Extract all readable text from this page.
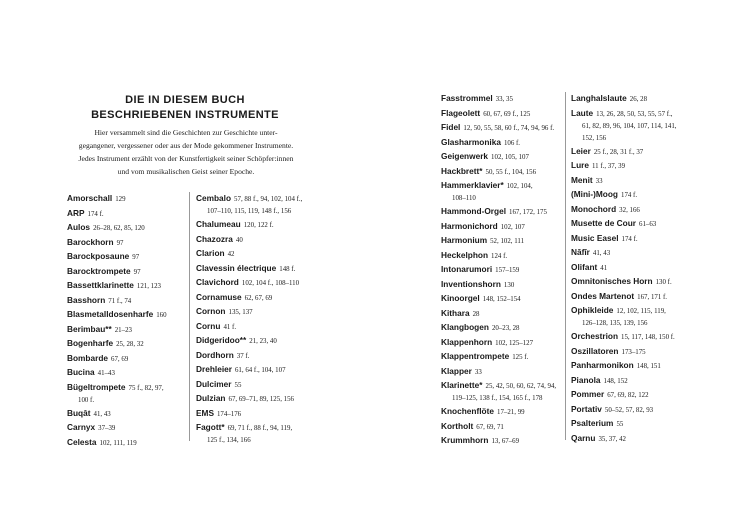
DIE IN DIESEM BUCH
BESCHRIEBENEN INSTRUMENTE
Hier versammelt sind die Geschichten zur Geschichte unter-
gegangener, vergessener oder aus der Mode gekommener Instrumente.
Jedes Instrument erzählt von der Kunstfertigkeit seiner Schöpfer:innen
und vom musikalischen Geist seiner Epoche.
Amorschall 129
ARP 174 f.
Aulos 26–28, 62, 85, 120
Barockhorn 97
Barockposaune 97
Barocktrompete 97
Bassettklarinette 121, 123
Basshorn 71 f., 74
Blasmetalldosenharfe 160
Berimbau** 21–23
Bogenharfe 25, 28, 32
Bombarde 67, 69
Bucina 41–43
Bügeltrompete 75 f., 82, 97,
100 f.
Buqât 41, 43
Carnyx 37–39
Celesta 102, 111, 119
Cembalo 57, 88 f., 94, 102, 104 f.,
107–110, 115, 119, 148 f., 156
Chalumeau 120, 122 f.
Chazozra 40
Clarion 42
Clavessin électrique 148 f.
Clavichord 102, 104 f., 108–110
Cornamuse 62, 67, 69
Cornon 135, 137
Cornu 41 f.
Didgeridoo** 21, 23, 40
Dordhorn 37 f.
Drehleier 61, 64 f., 104, 107
Dulcimer 55
Dulzian 67, 69–71, 89, 125, 156
EMS 174–176
Fagott* 69, 71 f., 88 f., 94, 119,
125 f., 134, 166
Fasstrommel 33, 35
Flageolett 60, 67, 69 f., 125
Fidel 12, 50, 55, 58, 60 f., 74, 94, 96 f.
Glasharmonika 106 f.
Geigenwerk 102, 105, 107
Hackbrett* 50, 55 f., 104, 156
Hammerklavier* 102, 104,
108–110
Hammond-Orgel 167, 172, 175
Harmonichord 102, 107
Harmonium 52, 102, 111
Heckelphon 124 f.
Intonarumori 157–159
Inventionshorn 130
Kinoorgel 148, 152–154
Kithara 28
Klangbogen 20–23, 28
Klappenhorn 102, 125–127
Klappentrompete 125 f.
Klapper 33
Klarinette* 25, 42, 50, 60, 62, 74, 94,
119–125, 138 f., 154, 165 f., 178
Knochenflöte 17–21, 99
Kortholt 67, 69, 71
Krummhorn 13, 67–69
Langhalslaute 26, 28
Laute 13, 26, 28, 50, 53, 55, 57 f.,
61, 82, 89, 96, 104, 107, 114, 141,
152, 156
Leier 25 f., 28, 31 f., 37
Lure 11 f., 37, 39
Menit 33
(Mini-)Moog 174 f.
Monochord 32, 166
Musette de Cour 61–63
Music Easel 174 f.
Nāfīr 41, 43
Olifant 41
Omnitonisches Horn 130 f.
Ondes Martenot 167, 171 f.
Ophikleide 12, 102, 115, 119,
126–128, 135, 139, 156
Orchestrion 15, 117, 148, 150 f.
Oszillatoren 173–175
Panharmonikon 148, 151
Pianola 148, 152
Pommer 67, 69, 82, 122
Portativ 50–52, 57, 82, 93
Psalterium 55
Qarnu 35, 37, 42
